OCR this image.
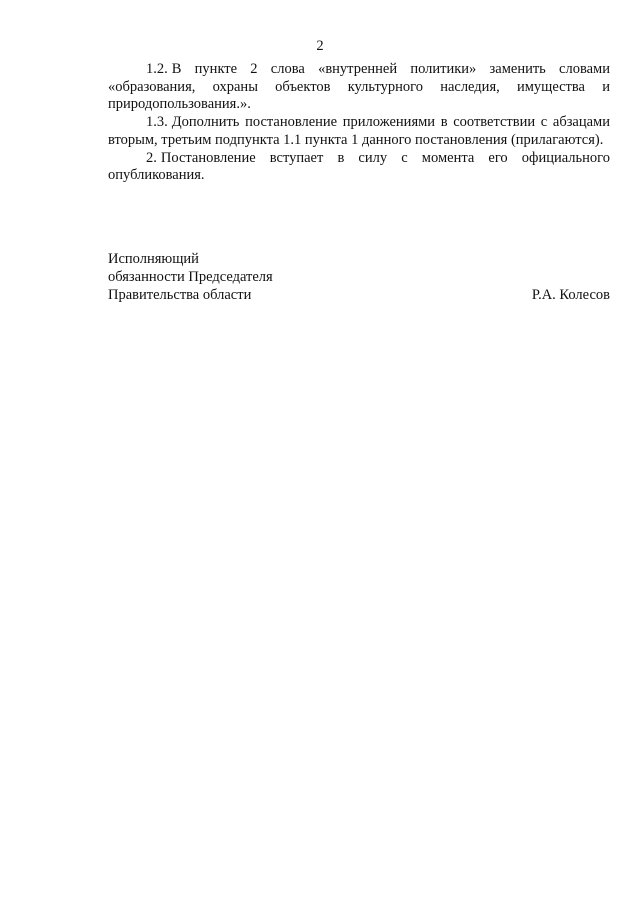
2

1.2. В пункте 2 слова «внутренней политики» заменить словами «образования, охраны объектов культурного наследия, имущества и природопользования.».

1.3. Дополнить постановление приложениями в соответствии с абзацами вторым, третьим подпункта 1.1 пункта 1 данного постановления (прилагаются).

2. Постановление вступает в силу с момента его официального опубликования.

Исполняющий
обязанности Председателя
Правительства области	Р.А. Колесов
